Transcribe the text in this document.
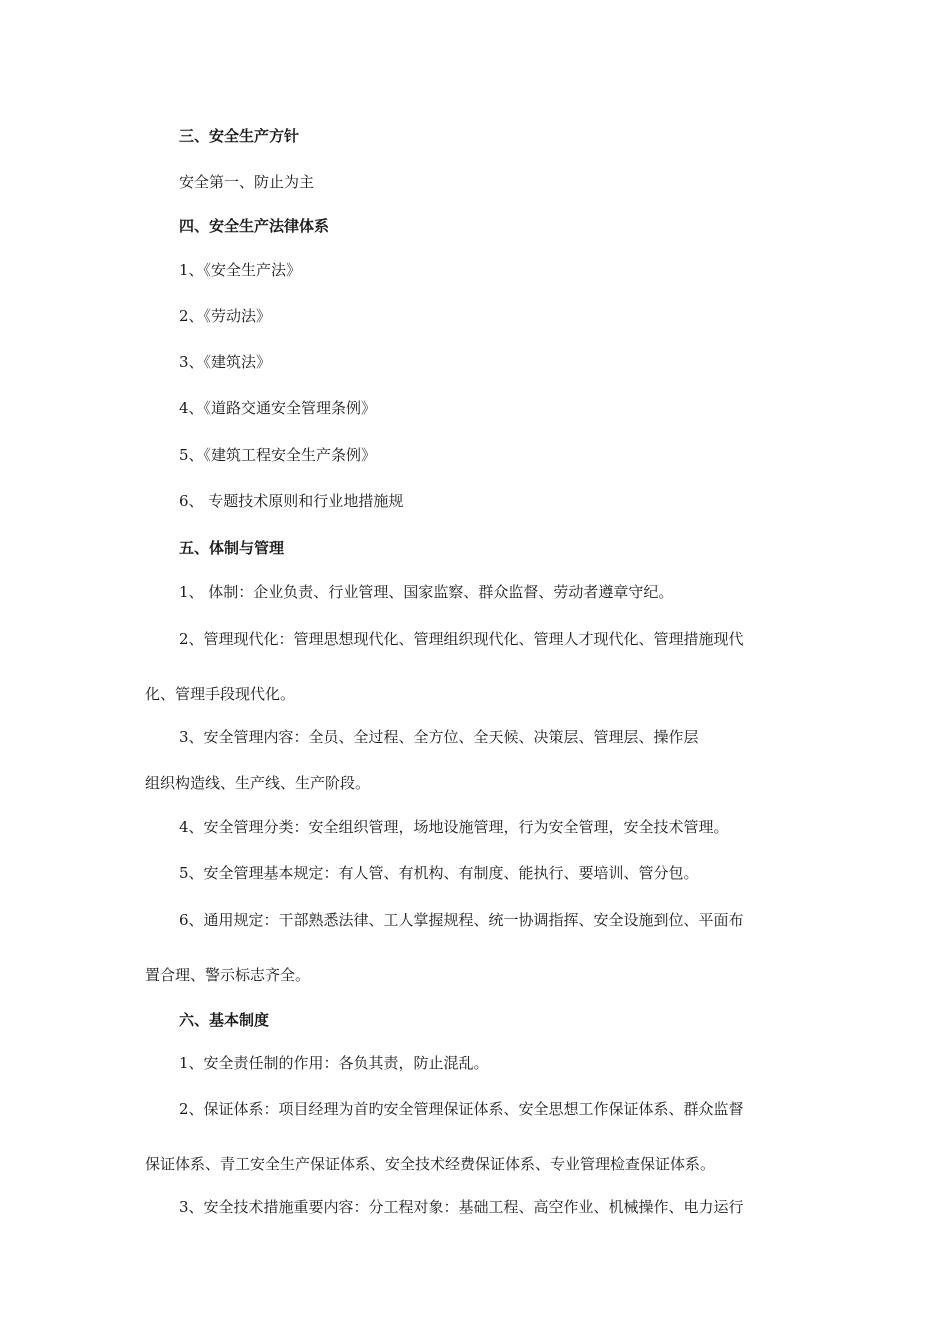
三、安全生产方针
安全第一、防止为主
四、安全生产法律体系
1、《安全生产法》
2、《劳动法》
3、《建筑法》
4、《道路交通安全管理条例》
5、《建筑工程安全生产条例》
6、 专题技术原则和行业地措施规
五、体制与管理
1、 体制：企业负责、行业管理、国家监察、群众监督、劳动者遵章守纪。
2、管理现代化：管理思想现代化、管理组织现代化、管理人才现代化、管理措施现代
化、管理手段现代化。
3、安全管理内容：全员、全过程、全方位、全天候、决策层、管理层、操作层
组织构造线、生产线、生产阶段。
4、安全管理分类：安全组织管理，场地设施管理，行为安全管理，安全技术管理。
5、安全管理基本规定：有人管、有机构、有制度、能执行、要培训、管分包。
6、通用规定：干部熟悉法律、工人掌握规程、统一协调指挥、安全设施到位、平面布
置合理、警示标志齐全。
六、基本制度
1、安全责任制的作用：各负其责，防止混乱。
2、保证体系：项目经理为首旳安全管理保证体系、安全思想工作保证体系、群众监督
保证体系、青工安全生产保证体系、安全技术经费保证体系、专业管理检查保证体系。
3、安全技术措施重要内容：分工程对象：基础工程、高空作业、机械操作、电力运行
